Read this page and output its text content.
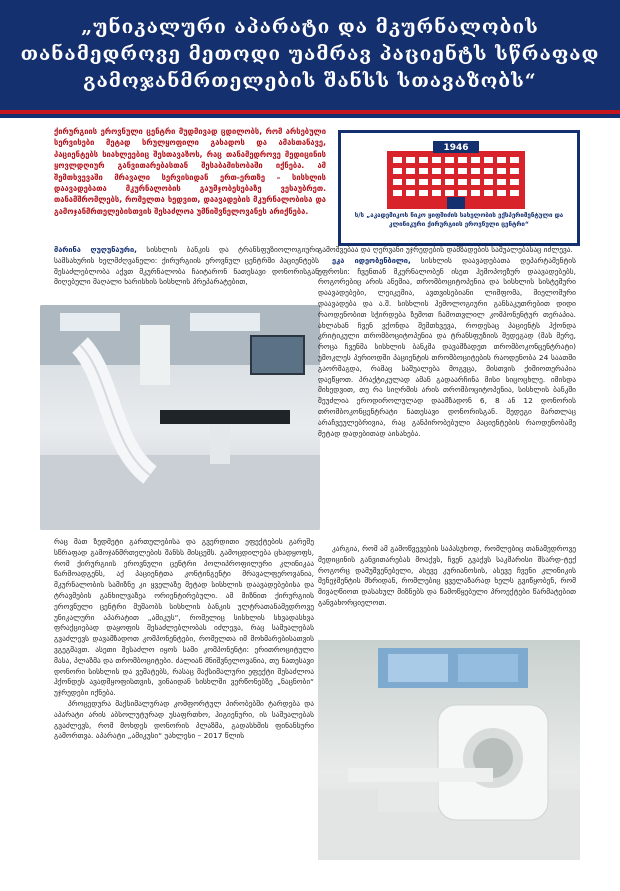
„უნიკალური აპარატი და მკურნალობის თანამედროვე მეთოდი უამრავ პაციენტს სწრაფად გამოჯანმრთელების შანსს სთავაზობს“
ქირურგიის ეროვნული ცენტრი მუდმივად ცდილობს, რომ არსებული სერვისები მეტად სრულყოფილი გახადოს და ამასთანავე, პაციენტებს სიახლეებიც შესთავაზოს, რაც თანამედროვე მედიცინის ყოვლდღიურ განვითარებასთან შესაბამისობაში იქნება. ამ შემთხვევაში მრავალი სერვისიდან ერთ-ერთზე – სისხლის დაავადებათა მკურნალობის გაუმჯობესებაზე ვესაუბრეთ. თანამშრომლებს, რომელთა ხედვით, დაავადების მკურნალობისა და გამოჯანმრთელებისთვის შესაძლოა უმნიშვნელოვანეს არიქნება.
1946
ს/ს „აკადემიკოს ნიკო ყიფშიძის სახელობის ექსპერიმენტული და კლინიკური ქირურგიის ეროვნული ცენტრი“

მარინა ღუღუნაური, სისხლის ბანკის და ტრანსფუზიოლოგიური სამსახურის ხელმძღვანელი: ქირურგიის ეროვნულ ცენტრში პაციენტებს შესაძლებლობა აქვთ მკურნალობა ჩაიტარონ ნათესავი დონორისგან მიღებული მაღალი ხარისხის სისხლის პრეპარატებით,

რაც მათ ზედმეტი გართულებისა და გვერდითი ეფექტების გარეშე სწრაფად გამოჯანმრთელების შანსს მისცემს. გამოცდილება ცხადყოფს, რომ ქირურგიის ეროვნული ცენტრი პოლიპროფილური კლინიკაა წარმოადგენს, აქ პაციენტთა კონტინგენტი მრავალფეროვანია, მკურნალობის სამიზნე კი ყველაზე მეტად სისხლის დაავადებებისა და ტრავმების განხილვაზეა ორიენტირებული. ამ მიზნით ქირურგიის ეროვნული ცენტრი მუშაობს სისხლის ბანკის ულტრათანამედროვე უნიკალური აპარატით „ამიკუს“, რომელიც სისხლის სხვადასხვა ფრაქციებად დაყოფის შესაძლებლობას იძლევა, რაც სამუალებას გვაძლევს დავამზადოთ კომპონენტები, რომელთა იმ მოხმარებისათვის ვგეგმავთ. ასეთი შესაძლო იყოს სამი კომპონენტი: ერითროციტული მასა, პლაზმა და თრომბოციტები. ძალიან მნიშვნელოვანია, თუ ნათესავი დონორი სისხლის და ვემატებს, რასაც მაქსიმალური ეფექტი შესაძლოა ჰქონდეს ავადმყოფისთვის, ვინაიდან სისხლში ვერწონებზე „ნაცნობი“ უჯრედები იქნება.

პროცედურა მაქსიმალურად კომფორტულ პირობებში ტარდება და აპარატი არის აბსოლუტურად უსაფრთხო, ჰიგიენური, ის საშუალებას გვაძლევს, რომ მოხდეს დონორის პლაზმა, გადასხმის ფინანსური გამორთვა. აპარატი „ამიკუსი“ უახლესი – 2017 წლის

გამოშვებაა და ღერვანი უჯრედების დამზადების საშუალებასაც იძლევა.

ეკა იდეობენბილი, სისხლის დაავადებათა დეპარტამენტის უფროსი: ჩვენთან მკურნალობენ ისეთ ჰემოპოეზურ დაავადებებს, როგორებიც არის ანემია, თრომბოციტოპენია და სისხლის სისტემური დაავადებები, ლეიკემია, ავთვისებიანი ლიმფომა, მიელომური დაავადება და ა.შ. სისხლის ჰემოლოგიური განსაკუთრებით დიდი რაოდენობით სჭირდება ზემოთ ჩამოთვლილ კომპონენტურ თერაპია. ახლახან ჩვენ ვქონდა შემთხვევა, როდესაც პაციენტს ჰქონდა კრიტიკული თრომბოციტოპენია და ტრანსფუზიის შედეგად (მას მერე, როცა ჩვენმა სისხლის ბანკმა დავამზადეთ თრომბოკონცენტრატი) უმოკლეს პერიოდში პაციენტის თრომბოციტების რაოდენობა 24 საათში გაორმაგდა, რამაც საშუალება მოგვცა, მისთვის ქიმიოთერაპია დაეწყოთ. პრაქტიკულად ამან გადაარჩინა მისი სიცოცხლე. იმისდა მიხედვით, თუ რა სიღრმის არის თრომბოციტოპენია, სისხლის ბანკში შეუძლია ეროდიროლულად დაამზადონ 6, 8 ან 12 დონორის თრომბოკონცენტრატი ნათესავი დონორისგან. შედეგი მართლაც არაჩვეულებრივია, რაც განპირობებული პაციენტების რაოდენობამე მეტად დადებითად აისახება.

კარგია, რომ ამ გამოწვევების საპასუხოდ, რომლებიც თანამედროვე მედიცინის განვითარებას მოაქვს, ჩვენ გვაქვს საკმარისი შსარდ-ტექ როგორც დამუშვენებელი, ასევე კურიანოსის, ასევე ჩვენი კლინიკის მენეჯმენტის მხრიდან, რომლებიც ყველაზარად ხელს გვიწყობენ, რომ მივაღწიოთ დასახულ მიზნებს და წამოწყებული პროექტები წარმატებით განვახორციელოთ.
